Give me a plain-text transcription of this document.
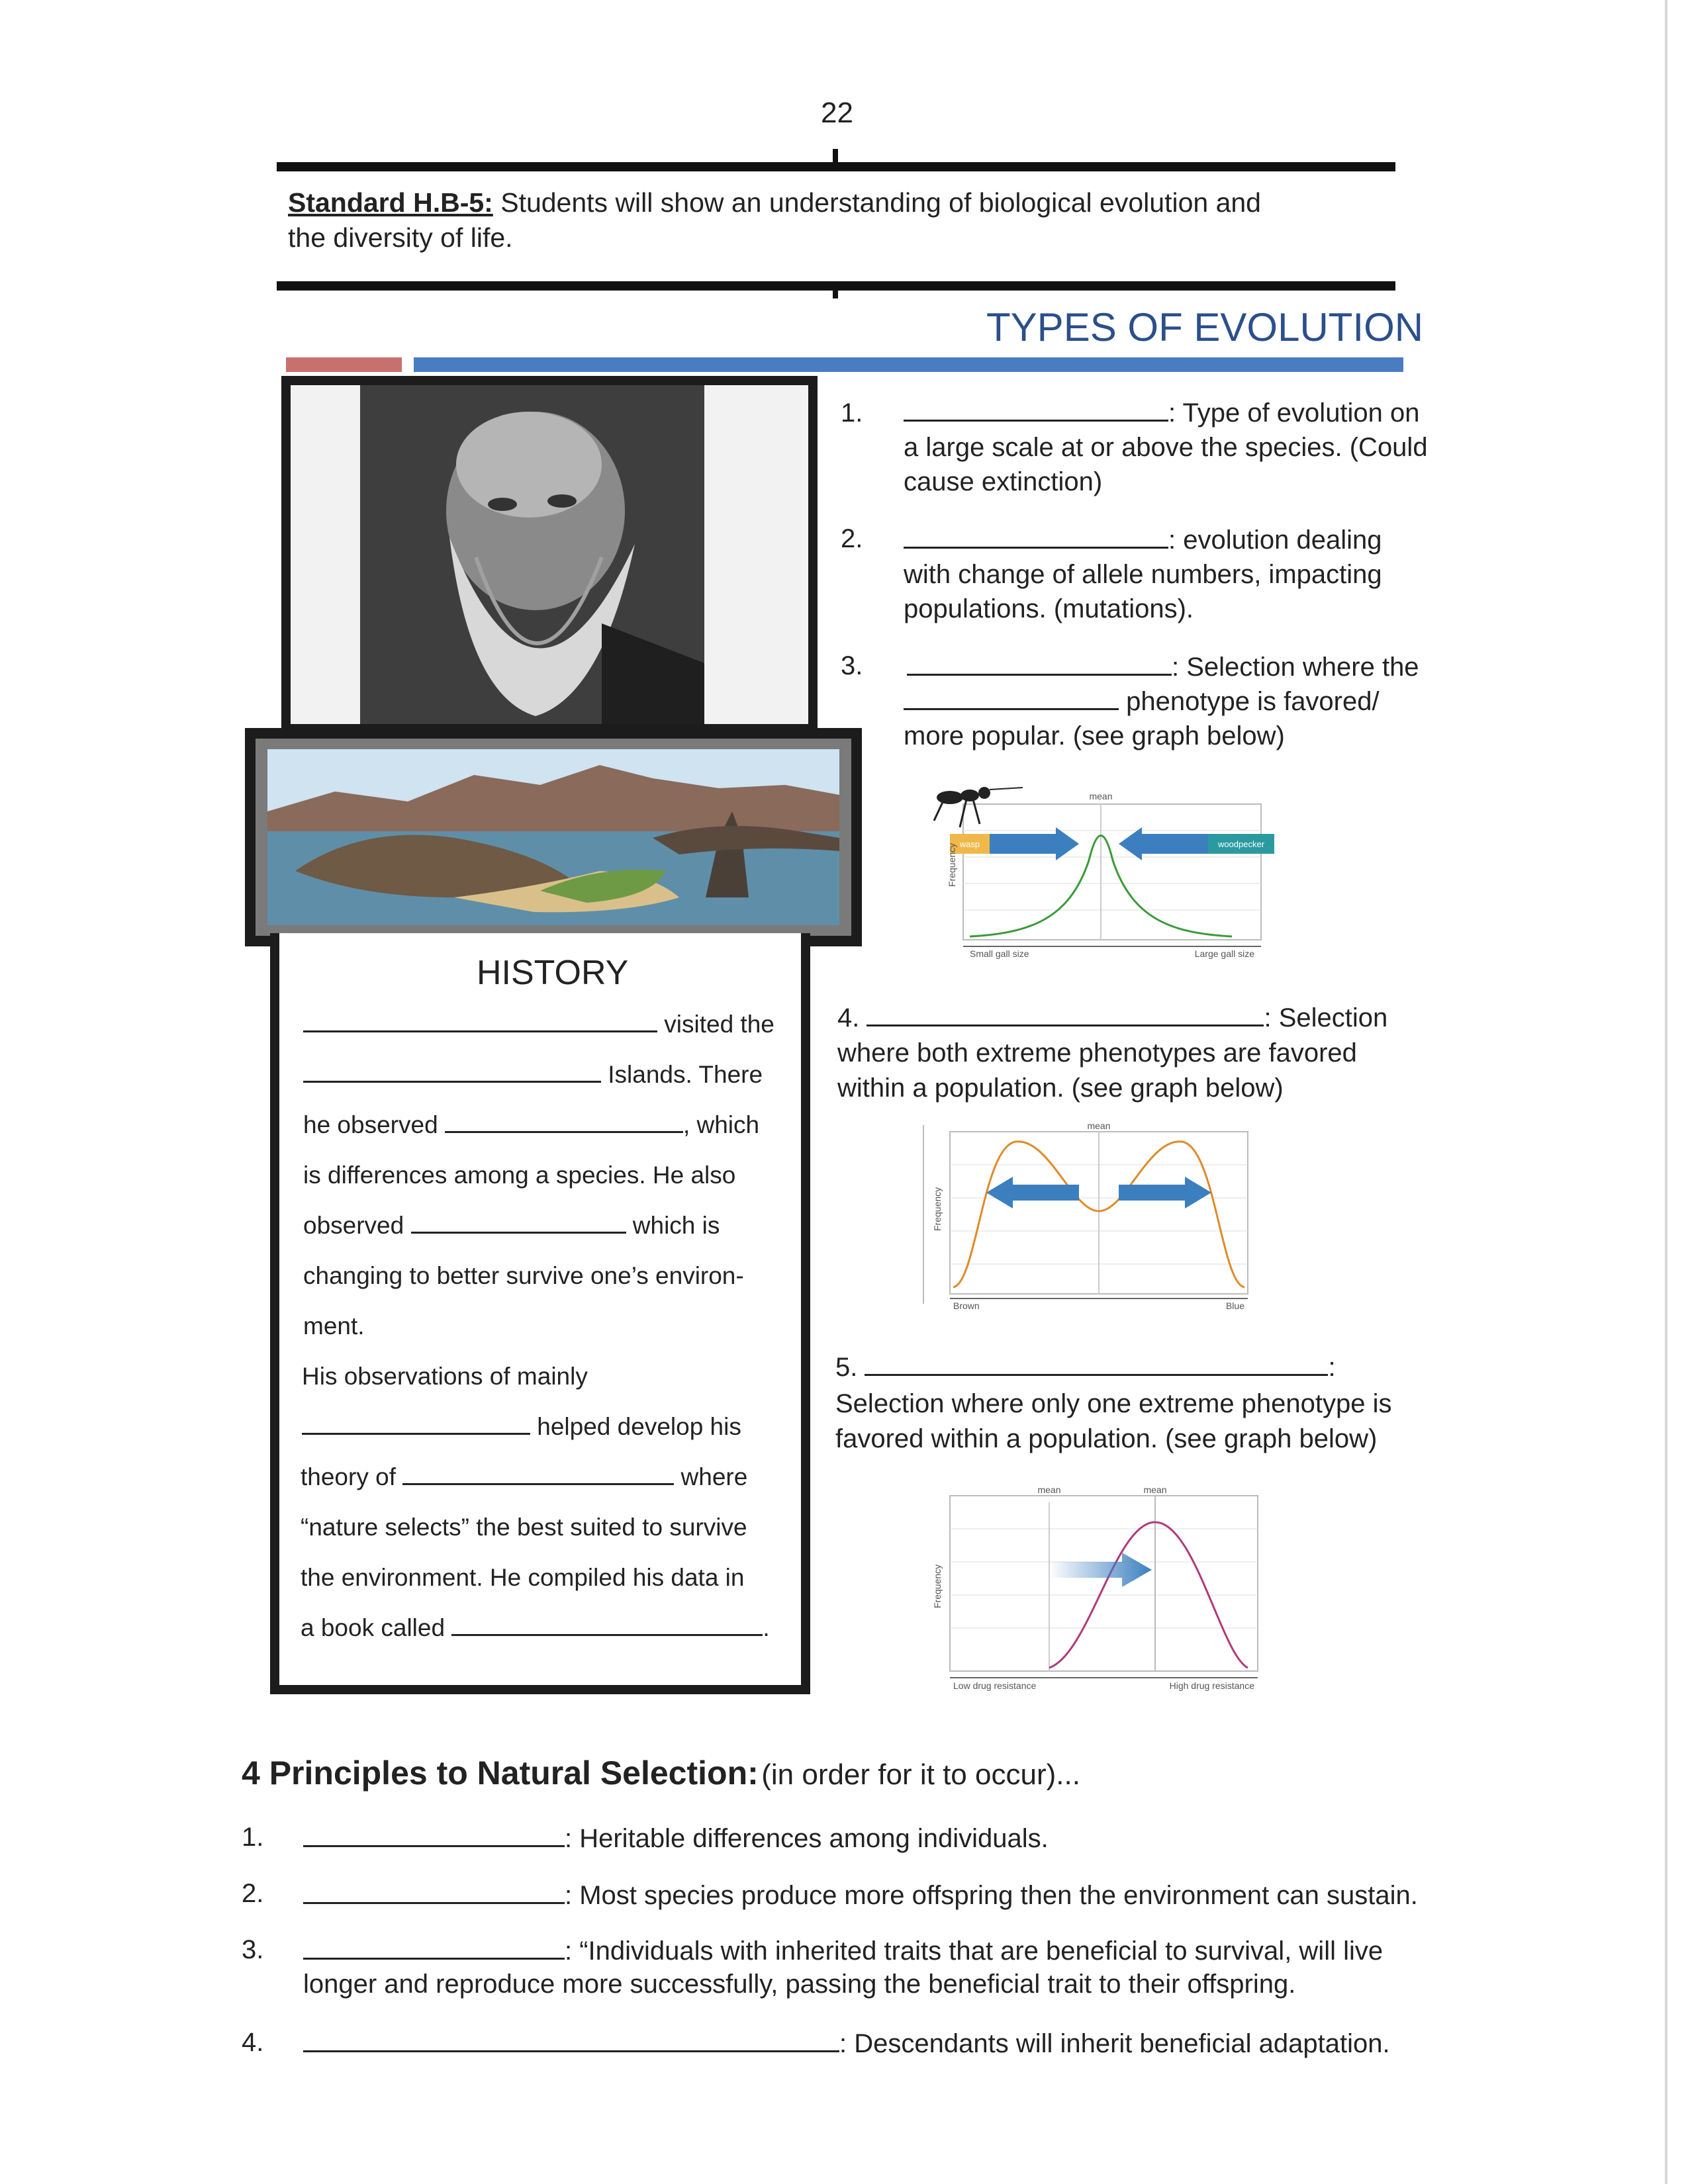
22
Standard H.B-5: Students will show an understanding of biological evolution and
the diversity of life.
TYPES OF EVOLUTION
HISTORY
visited the
Islands. There
he observed	, which
is differences among a species. He also
observed	which is
changing to better survive one’s environ-
ment.
His observations of mainly
helped develop his
theory of	where
“nature selects” the best suited to survive
the environment. He compiled his data in
a book called	.
1.	: Type of evolution on
a large scale at or above the species. (Could
cause extinction)
2.	: evolution dealing
with change of allele numbers, impacting
populations. (mutations).
3.	: Selection where the
phenotype is favored/
more popular. (see graph below)
wasp	woodpecker
mean
Frequency
Small gall size	Large gall size
4.	: Selection
where both extreme phenotypes are favored
within a population. (see graph below)
mean
Frequency
Brown	Blue
5.	:
Selection where only one extreme phenotype is
favored within a population. (see graph below)
mean	mean
Frequency
Low drug resistance	High drug resistance
4 Principles to Natural Selection: (in order for it to occur)...
1.	: Heritable differences among individuals.
2.	: Most species produce more offspring then the environment can sustain.
3.	: “Individuals with inherited traits that are beneficial to survival, will live
longer and reproduce more successfully, passing the beneficial trait to their offspring.
4.	: Descendants will inherit beneficial adaptation.
